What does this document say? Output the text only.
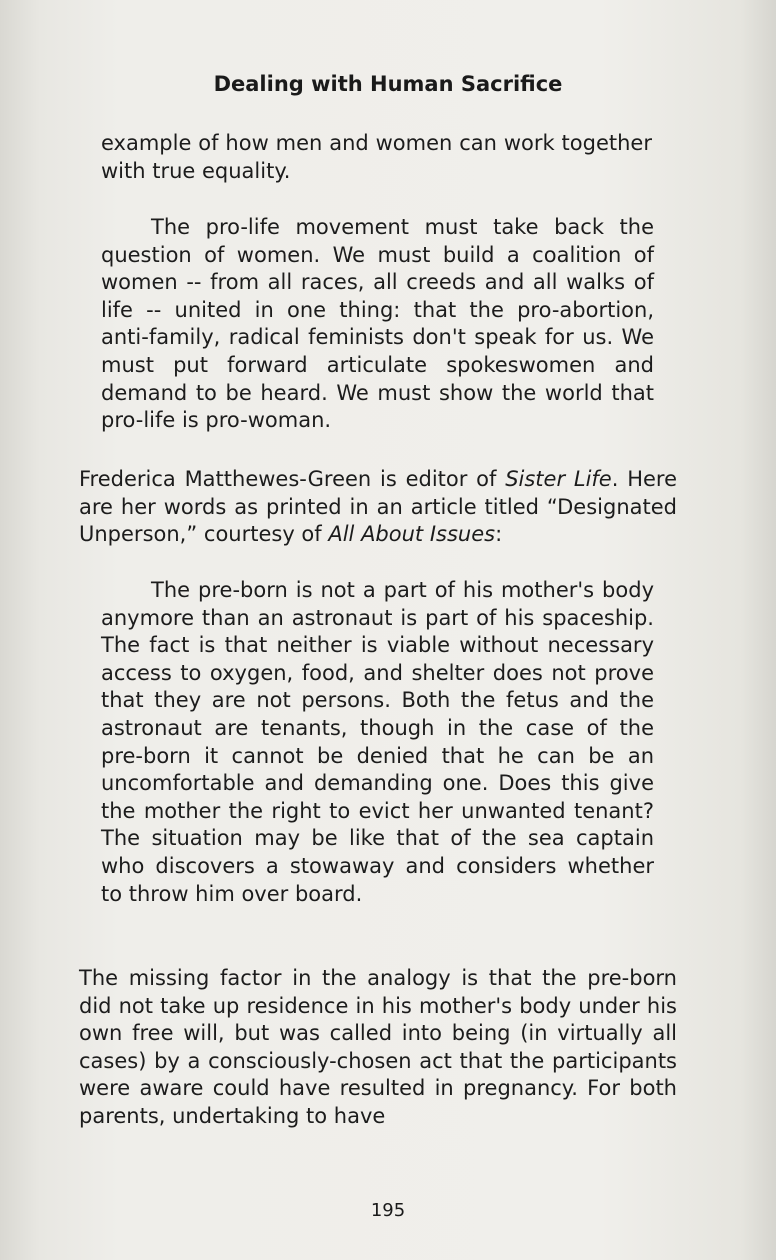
Dealing with Human Sacrifice
example of how men and women can work together with true equality.
The pro-life movement must take back the question of women. We must build a coalition of women -- from all races, all creeds and all walks of life -- united in one thing: that the pro-abortion, anti-family, radical feminists don't speak for us. We must put forward articulate spokeswomen and demand to be heard. We must show the world that pro-life is pro-woman.
Frederica Matthewes-Green is editor of Sister Life. Here are her words as printed in an article titled “Designated Unperson,” courtesy of All About Issues:
The pre-born is not a part of his mother's body anymore than an astronaut is part of his spaceship. The fact is that neither is viable without necessary access to oxygen, food, and shelter does not prove that they are not persons. Both the fetus and the astronaut are tenants, though in the case of the pre-born it cannot be denied that he can be an uncomfortable and demanding one. Does this give the mother the right to evict her unwanted tenant? The situation may be like that of the sea captain who discovers a stowaway and considers whether to throw him over board.
The missing factor in the analogy is that the pre-born did not take up residence in his mother's body under his own free will, but was called into being (in virtually all cases) by a consciously-chosen act that the participants were aware could have resulted in pregnancy. For both parents, undertaking to have
195
